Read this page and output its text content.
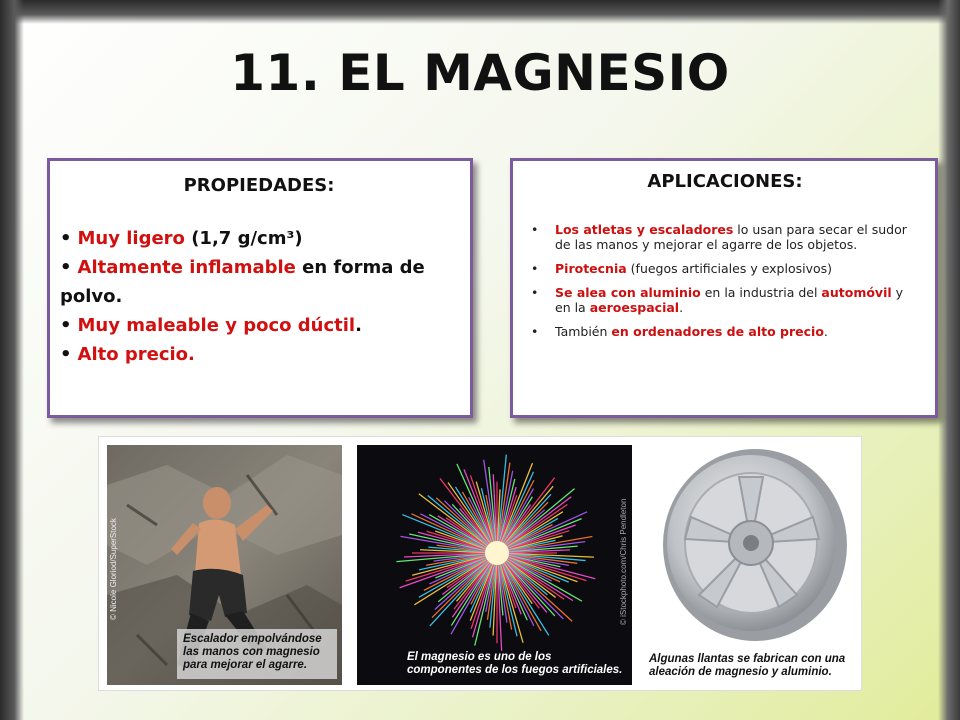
11. EL MAGNESIO
PROPIEDADES:
• Muy ligero (1,7 g/cm³)
• Altamente inflamable en forma de polvo.
• Muy maleable y poco dúctil.
• Alto precio.
APLICACIONES:
• Los atletas y escaladores lo usan para secar el sudor de las manos y mejorar el agarre de los objetos.
• Pirotecnia (fuegos artificiales y explosivos)
• Se alea con aluminio en la industria del automóvil y en la aeroespacial.
• También en ordenadores de alto precio.
Escalador empolvándose las manos con magnesio para mejorar el agarre.
© Nicole Gloriod/SuperStock
El magnesio es uno de los componentes de los fuegos artificiales.
© iStockphoto.com/Chris Pendleton
Algunas llantas se fabrican con una aleación de magnesio y aluminio.
